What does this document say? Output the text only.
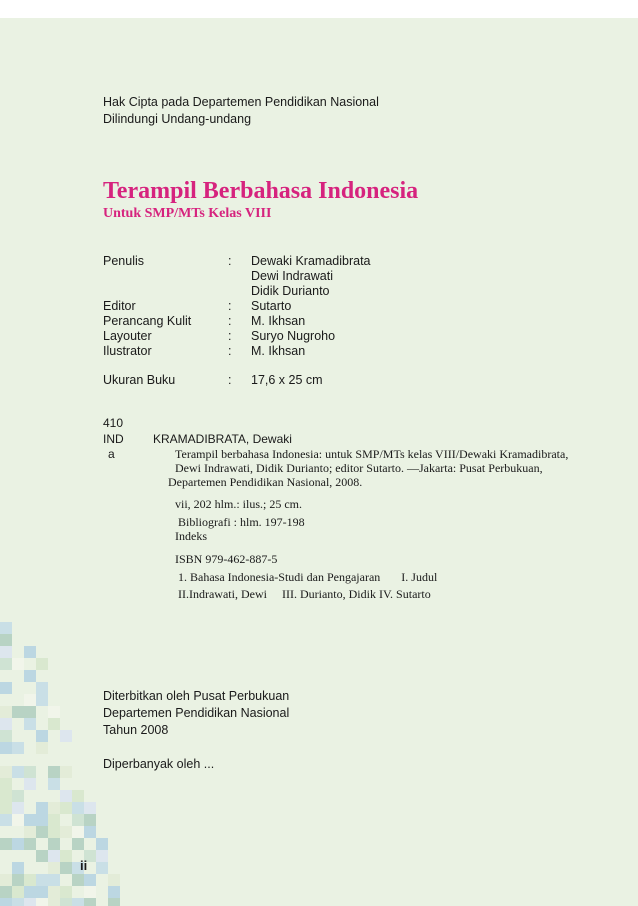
Hak Cipta pada Departemen Pendidikan Nasional
Dilindungi Undang-undang
Terampil Berbahasa Indonesia
Untuk SMP/MTs Kelas VIII
Penulis	: Dewaki Kramadibrata
Dewi Indrawati
Didik Durianto
Editor	: Sutarto
Perancang Kulit	: M. Ikhsan
Layouter	: Suryo Nugroho
Ilustrator	: M. Ikhsan
Ukuran Buku	: 17,6 x 25 cm
410
IND KRAMADIBRATA, Dewaki
a	Terampil berbahasa Indonesia: untuk SMP/MTs kelas VIII/Dewaki Kramadibrata,
Dewi Indrawati, Didik Durianto; editor Sutarto. —Jakarta: Pusat Perbukuan,
Departemen Pendidikan Nasional, 2008.
vii, 202 hlm.: ilus.; 25 cm.
Bibliografi : hlm. 197-198
Indeks
ISBN 979-462-887-5
1. Bahasa Indonesia-Studi dan Pengajaran       I. Judul
II.Indrawati, Dewi     III. Durianto, Didik IV. Sutarto
Diterbitkan oleh Pusat Perbukuan
Departemen Pendidikan Nasional
Tahun 2008
Diperbanyak oleh ...
ii
